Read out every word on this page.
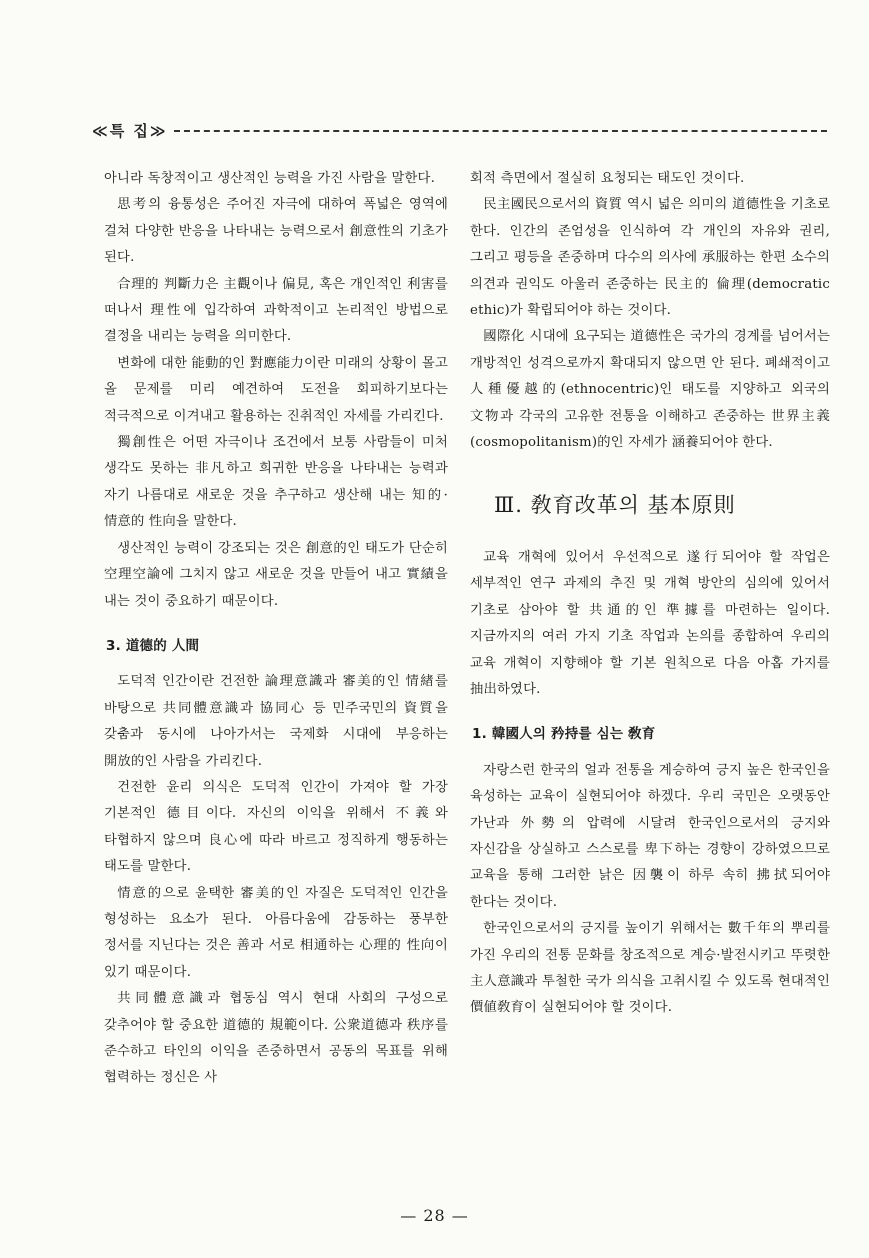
≪특 집≫

아니라 독창적이고 생산적인 능력을 가진 사람을 말한다.

思考의 융통성은 주어진 자극에 대하여 폭넓은 영역에 걸쳐 다양한 반응을 나타내는 능력으로서 創意性의 기초가 된다.

合理的 判斷力은 主觀이나 偏見, 혹은 개인적인 利害를 떠나서 理性에 입각하여 과학적이고 논리적인 방법으로 결정을 내리는 능력을 의미한다.

변화에 대한 能動的인 對應能力이란 미래의 상황이 몰고 올 문제를 미리 예견하여 도전을 회피하기보다는 적극적으로 이겨내고 활용하는 진취적인 자세를 가리킨다.

獨創性은 어떤 자극이나 조건에서 보통 사람들이 미처 생각도 못하는 非凡하고 희귀한 반응을 나타내는 능력과 자기 나름대로 새로운 것을 추구하고 생산해 내는 知的·情意的 性向을 말한다.

생산적인 능력이 강조되는 것은 創意的인 태도가 단순히 空理空論에 그치지 않고 새로운 것을 만들어 내고 實績을 내는 것이 중요하기 때문이다.

3. 道德的 人間

도덕적 인간이란 건전한 論理意識과 審美的인 情緖를 바탕으로 共同體意識과 協同心 등 민주국민의 資質을 갖춤과 동시에 나아가서는 국제화 시대에 부응하는 開放的인 사람을 가리킨다.

건전한 윤리 의식은 도덕적 인간이 가져야 할 가장 기본적인 德目이다. 자신의 이익을 위해서 不義와 타협하지 않으며 良心에 따라 바르고 정직하게 행동하는 태도를 말한다.

情意的으로 윤택한 審美的인 자질은 도덕적인 인간을 형성하는 요소가 된다. 아름다움에 감동하는 풍부한 정서를 지닌다는 것은 善과 서로 相通하는 心理的 性向이 있기 때문이다.

共同體意識과 협동심 역시 현대 사회의 구성으로 갖추어야 할 중요한 道德的 規範이다. 公衆道德과 秩序를 준수하고 타인의 이익을 존중하면서 공동의 목표를 위해 협력하는 정신은 사

회적 측면에서 절실히 요청되는 태도인 것이다.

民主國民으로서의 資質 역시 넓은 의미의 道德性을 기초로 한다. 인간의 존엄성을 인식하여 각 개인의 자유와 권리, 그리고 평등을 존중하며 다수의 의사에 承服하는 한편 소수의 의견과 권익도 아울러 존중하는 民主的 倫理(democratic ethic)가 확립되어야 하는 것이다.

國際化 시대에 요구되는 道德性은 국가의 경계를 넘어서는 개방적인 성격으로까지 확대되지 않으면 안 된다. 폐쇄적이고 人種優越的(ethnocentric)인 태도를 지양하고 외국의 文物과 각국의 고유한 전통을 이해하고 존중하는 世界主義(cosmopolitanism)的인 자세가 涵養되어야 한다.

Ⅲ. 敎育改革의 基本原則

교육 개혁에 있어서 우선적으로 遂行되어야 할 작업은 세부적인 연구 과제의 추진 및 개혁 방안의 심의에 있어서 기초로 삼아야 할 共通的인 準據를 마련하는 일이다. 지금까지의 여러 가지 기초 작업과 논의를 종합하여 우리의 교육 개혁이 지향해야 할 기본 원칙으로 다음 아홉 가지를 抽出하였다.

1. 韓國人의 矜持를 심는 敎育

자랑스런 한국의 얼과 전통을 계승하여 긍지 높은 한국인을 육성하는 교육이 실현되어야 하겠다. 우리 국민은 오랫동안 가난과 外勢의 압력에 시달려 한국인으로서의 긍지와 자신감을 상실하고 스스로를 卑下하는 경향이 강하였으므로 교육을 통해 그러한 낡은 因襲이 하루 속히 拂拭되어야 한다는 것이다.

한국인으로서의 긍지를 높이기 위해서는 數千年의 뿌리를 가진 우리의 전통 문화를 창조적으로 계승·발전시키고 뚜렷한 主人意識과 투철한 국가 의식을 고취시킬 수 있도록 현대적인 價値敎育이 실현되어야 할 것이다.

— 28 —
